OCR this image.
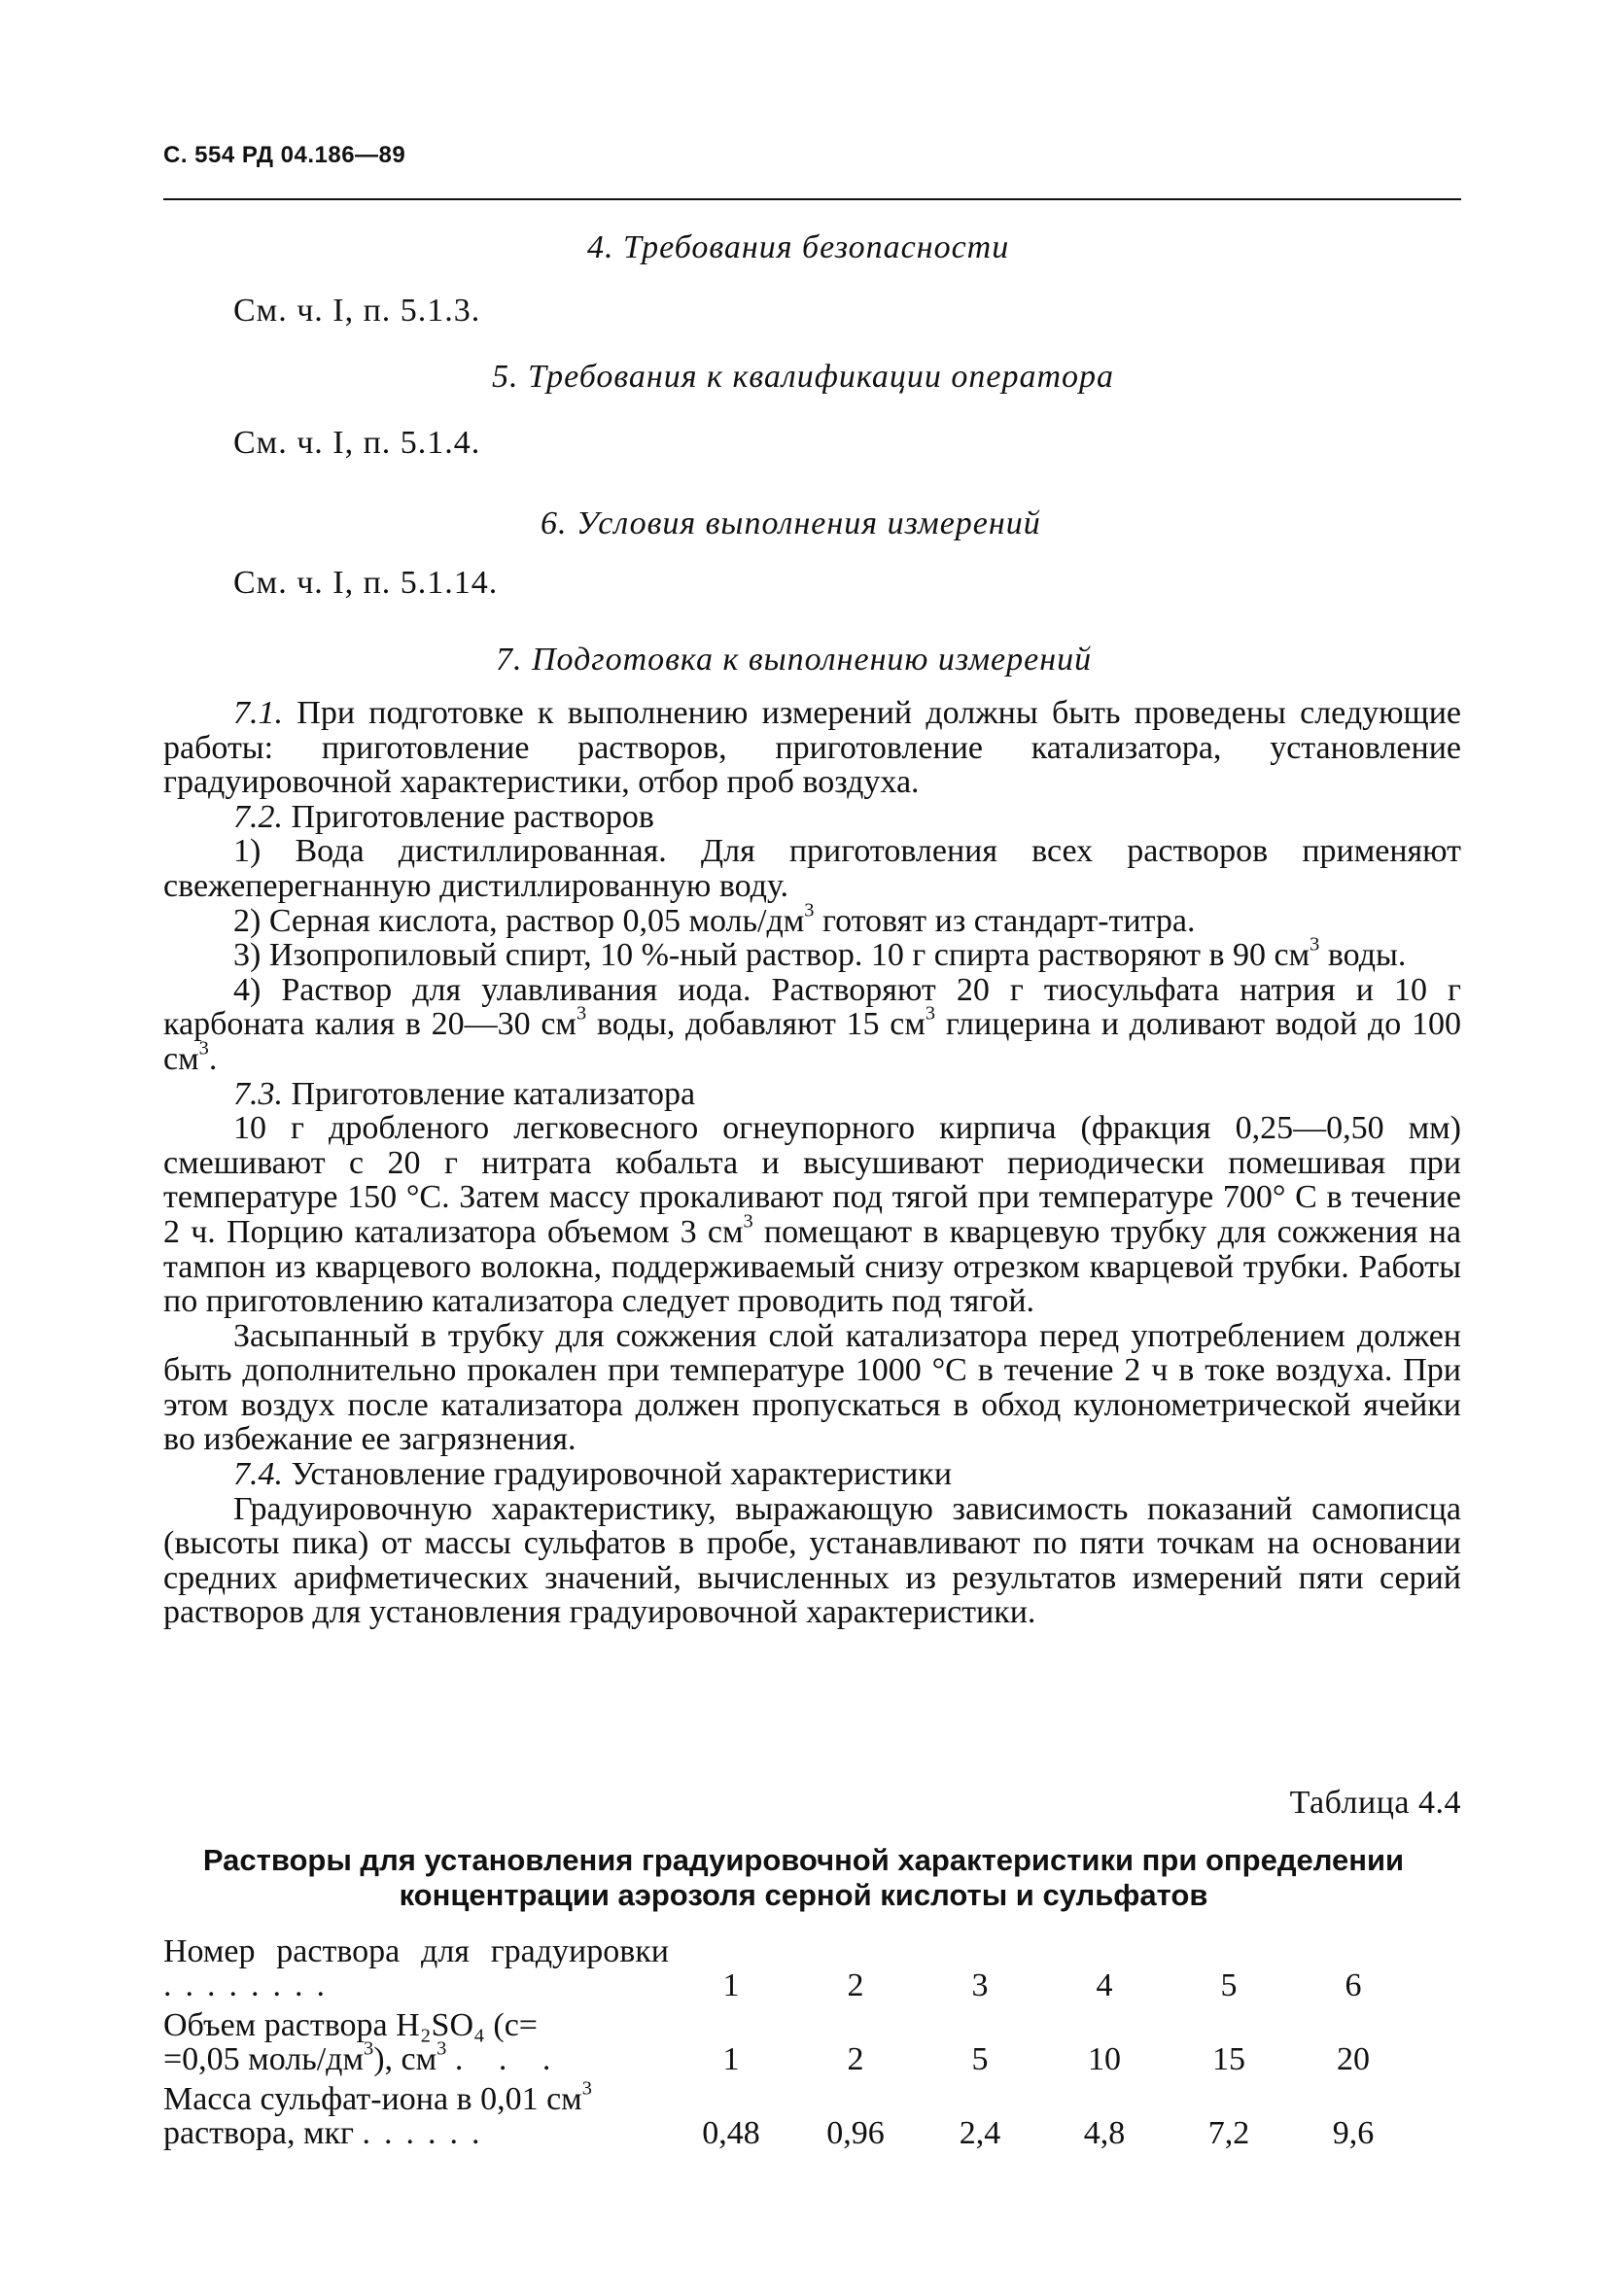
С. 554 РД 04.186—89
4. Требования безопасности
См. ч. I, п. 5.1.3.
5. Требования к квалификации оператора
См. ч. I, п. 5.1.4.
6. Условия выполнения измерений
См. ч. I, п. 5.1.14.
7. Подготовка к выполнению измерений

7.1. При подготовке к выполнению измерений должны быть проведены следующие работы: приготовление растворов, приготовление катализатора, установление градуировочной характеристики, отбор проб воздуха.

7.2. Приготовление растворов

1) Вода дистиллированная. Для приготовления всех растворов применяют свежеперегнанную дистиллированную воду.

2) Серная кислота, раствор 0,05 моль/$дм^3$ готовят из стандарт-титра.

3) Изопропиловый спирт, 10 %-ный раствор. 10 г спирта растворяют в 90 $см^3$ воды.

4) Раствор для улавливания иода. Растворяют 20 г тиосульфата натрия и 10 г карбоната калия в 20—30 $см^3$ воды, добавляют 15 $см^3$ глицерина и доливают водой до 100 $см^3$.

7.3. Приготовление катализатора

10 г дробленого легковесного огнеупорного кирпича (фракция 0,25—0,50 мм) смешивают с 20 г нитрата кобальта и высушивают периодически помешивая при температуре 150 °С. Затем массу прокаливают под тягой при температуре 700° С в течение 2 ч. Порцию катализатора объемом 3 $см^3$ помещают в кварцевую трубку для сожжения на тампон из кварцевого волокна, поддерживаемый снизу отрезком кварцевой трубки. Работы по приготовлению катализатора следует проводить под тягой.

Засыпанный в трубку для сожжения слой катализатора перед употреблением должен быть дополнительно прокален при температуре 1000 °С в течение 2 ч в токе воздуха. При этом воздух после катализатора должен пропускаться в обход кулонометрической ячейки во избежание ее загрязнения.

7.4. Установление градуировочной характеристики

Градуировочную характеристику, выражающую зависимость показаний самописца (высоты пика) от массы сульфатов в пробе, устанавливают по пяти точкам на основании средних арифметических значений, вычисленных из результатов измерений пяти серий растворов для установления градуировочной характеристики.

Таблица 4.4
Растворы для установления градуировочной характеристики при определении концентрации аэрозоля серной кислоты и сульфатов
Номер раствора для градуировки ........	1	2	3	4	5	6
Объем раствора H₂SO₄ (c=
=0,05 моль/$дм^3$), $см^3$ . . .	1	2	5	10	15	20
Масса сульфат-иона в 0,01 $см^3$
раствора, мкг ......	0,48	0,96	2,4	4,8	7,2	9,6
